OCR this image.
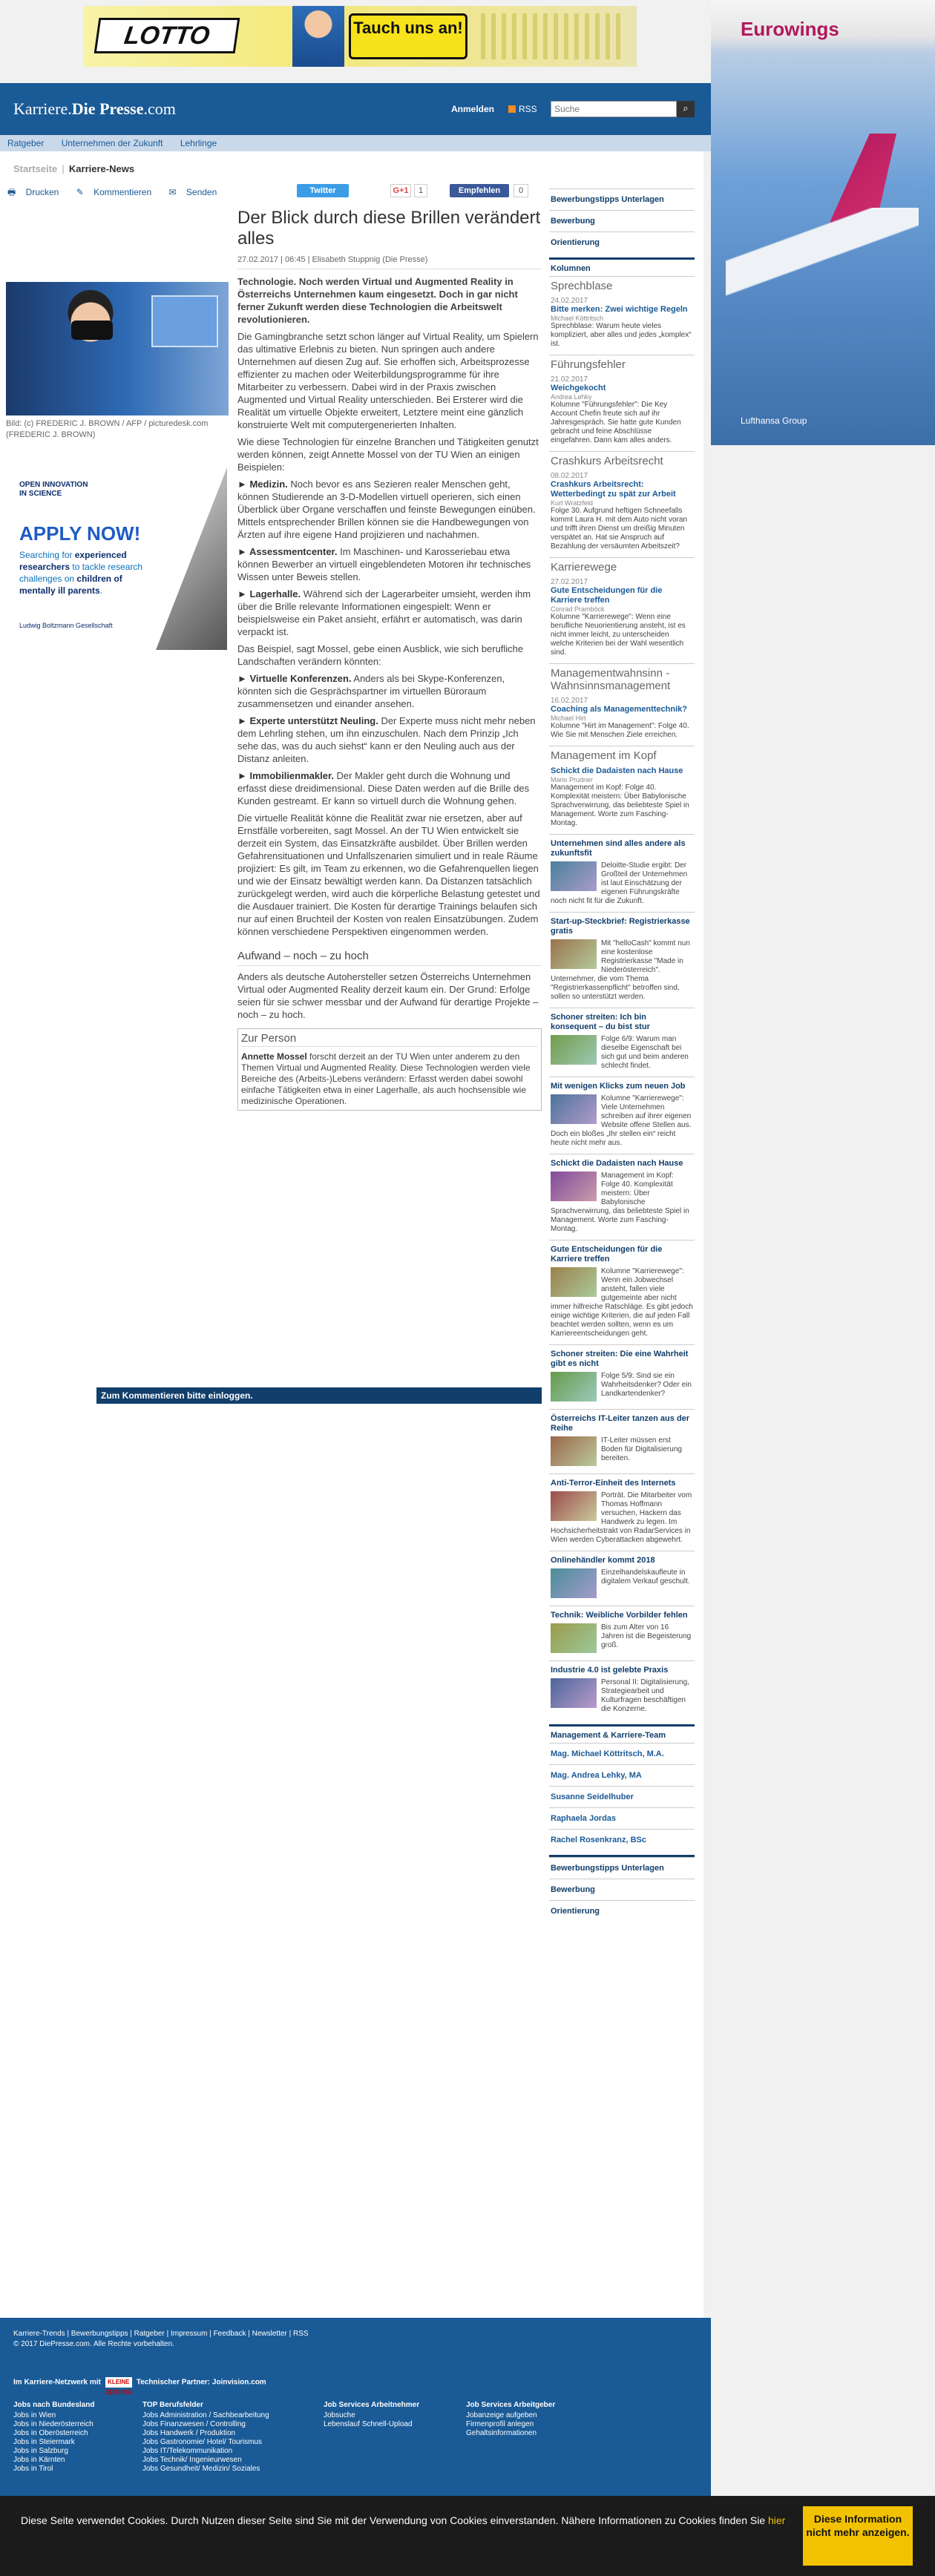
LOTTO	Tauch uns an!	Eurowings
Lufthansa Group
Karriere.Die Presse.com	Anmelden	RSS
Suche	⌕
Ratgeber Unternehmen der Zukunft Lehrlinge
Startseite | Karriere-News
🖶 Drucken ✎ Kommentieren ✉ Senden	Twitter	G+1	1	Empfehlen	0
Bild: (c) FREDERIC J. BROWN / AFP / picturedesk.com (FREDERIC J. BROWN)
OPEN INNOVATION
IN SCIENCE
APPLY NOW!
Searching for experienced researchers to tackle research challenges on children of mentally ill parents.
Ludwig Boltzmann Gesellschaft
Der Blick durch diese Brillen verändert alles
27.02.2017 | 06:45 | Elisabeth Stuppnig (Die Presse)
Technologie. Noch werden Virtual und Augmented Reality in Österreichs Unternehmen kaum eingesetzt. Doch in gar nicht ferner Zukunft werden diese Technologien die Arbeitswelt revolutionieren.

Die Gamingbranche setzt schon länger auf Virtual Reality, um Spielern das ultimative Erlebnis zu bieten. Nun springen auch andere Unternehmen auf diesen Zug auf. Sie erhoffen sich, Arbeitsprozesse effizienter zu machen oder Weiterbildungsprogramme für ihre Mitarbeiter zu verbessern. Dabei wird in der Praxis zwischen Augmented und Virtual Reality unterschieden. Bei Ersterer wird die Realität um virtuelle Objekte erweitert, Letztere meint eine gänzlich konstruierte Welt mit computergenerierten Inhalten.

Wie diese Technologien für einzelne Branchen und Tätigkeiten genutzt werden können, zeigt Annette Mossel von der TU Wien an einigen Beispielen:

► Medizin. Noch bevor es ans Sezieren realer Menschen geht, können Studierende an 3-D-Modellen virtuell operieren, sich einen Überblick über Organe verschaffen und feinste Bewegungen einüben. Mittels entsprechender Brillen können sie die Handbewegungen von Ärzten auf ihre eigene Hand projizieren und nachahmen.

► Assessmentcenter. Im Maschinen- und Karosseriebau etwa können Bewerber an virtuell eingeblendeten Motoren ihr technisches Wissen unter Beweis stellen.

► Lagerhalle. Während sich der Lagerarbeiter umsieht, werden ihm über die Brille relevante Informationen eingespielt: Wenn er beispielsweise ein Paket ansieht, erfährt er automatisch, was darin verpackt ist.

Das Beispiel, sagt Mossel, gebe einen Ausblick, wie sich berufliche Landschaften verändern könnten:

► Virtuelle Konferenzen. Anders als bei Skype-Konferenzen, könnten sich die Gesprächspartner im virtuellen Büroraum zusammensetzen und einander ansehen.

► Experte unterstützt Neuling. Der Experte muss nicht mehr neben dem Lehrling stehen, um ihn einzuschulen. Nach dem Prinzip „Ich sehe das, was du auch siehst“ kann er den Neuling auch aus der Distanz anleiten.

► Immobilienmakler. Der Makler geht durch die Wohnung und erfasst diese dreidimensional. Diese Daten werden auf die Brille des Kunden gestreamt. Er kann so virtuell durch die Wohnung gehen.

Die virtuelle Realität könne die Realität zwar nie ersetzen, aber auf Ernstfälle vorbereiten, sagt Mossel. An der TU Wien entwickelt sie derzeit ein System, das Einsatzkräfte ausbildet. Über Brillen werden Gefahrensituationen und Unfallszenarien simuliert und in reale Räume projiziert: Es gilt, im Team zu erkennen, wo die Gefahrenquellen liegen und wie der Einsatz bewältigt werden kann. Da Distanzen tatsächlich zurückgelegt werden, wird auch die körperliche Belastung getestet und die Ausdauer trainiert. Die Kosten für derartige Trainings belaufen sich nur auf einen Bruchteil der Kosten von realen Einsatzübungen. Zudem können verschiedene Perspektiven eingenommen werden.

Aufwand – noch – zu hoch

Anders als deutsche Autohersteller setzen Österreichs Unternehmen Virtual oder Augmented Reality derzeit kaum ein. Der Grund: Erfolge seien für sie schwer messbar und der Aufwand für derartige Projekte – noch – zu hoch.

Zur Person

Annette Mossel forscht derzeit an der TU Wien unter anderem zu den Themen Virtual und Augmented Reality. Diese Technologien werden viele Bereiche des (Arbeits-)Lebens verändern: Erfasst werden dabei sowohl einfache Tätigkeiten etwa in einer Lagerhalle, als auch hochsensible wie medizinische Operationen.

Zum Kommentieren bitte einloggen.
Bewerbungstipps Unterlagen
Bewerbung
Orientierung
Kolumnen
Sprechblase
24.02.2017
Bitte merken: Zwei wichtige Regeln
Michael Köttritsch
Sprechblase: Warum heute vieles kompliziert, aber alles und jedes „komplex“ ist.
Führungsfehler
21.02.2017
Weichgekocht
Andrea Lehky
Kolumne "Führungsfehler": Die Key Account Chefin freute sich auf ihr Jahresgespräch. Sie hatte gute Kunden gebracht und feine Abschlüsse eingefahren. Dann kam alles anders.
Crashkurs Arbeitsrecht
08.02.2017
Crashkurs Arbeitsrecht: Wetterbedingt zu spät zur Arbeit
Kurt Wratzfeld
Folge 30. Aufgrund heftigen Schneefalls kommt Laura H. mit dem Auto nicht voran und trifft ihren Dienst um dreißig Minuten verspätet an. Hat sie Anspruch auf Bezahlung der versäumten Arbeitszeit?
Karrierewege
27.02.2017
Gute Entscheidungen für die Karriere treffen
Conrad Pramböck
Kolumne "Karrierewege": Wenn eine berufliche Neuorientierung ansteht, ist es nicht immer leicht, zu unterscheiden welche Kriterien bei der Wahl wesentlich sind.
Managementwahnsinn - Wahnsinnsmanagement
16.02.2017
Coaching als Managementtechnik?
Michael Hirt
Kolumne "Hirt im Management": Folge 40. Wie Sie mit Menschen Ziele erreichen.
Management im Kopf
Schickt die Dadaisten nach Hause
Mario Prudner
Management im Kopf: Folge 40. Komplexität meistern: Über Babylonische Sprachverwirrung, das beliebteste Spiel in Management. Worte zum Fasching-Montag.
Unternehmen sind alles andere als zukunftsfit
Deloitte-Studie ergibt: Der Großteil der Unternehmen ist laut Einschätzung der eigenen Führungskräfte noch nicht fit für die Zukunft.
Start-up-Steckbrief: Registrierkasse gratis
Mit "helloCash" kommt nun eine kostenlose Registrierkasse "Made in Niederösterreich". Unternehmer, die vom Thema "Registrierkassenpflicht" betroffen sind, sollen so unterstützt werden.
Schoner streiten: Ich bin konsequent – du bist stur
Folge 6/9: Warum man dieselbe Eigenschaft bei sich gut und beim anderen schlecht findet.
Mit wenigen Klicks zum neuen Job
Kolumne "Karrierewege": Viele Unternehmen schreiben auf ihrer eigenen Website offene Stellen aus. Doch ein bloßes „Ihr stellen ein“ reicht heute nicht mehr aus.
Schickt die Dadaisten nach Hause
Management im Kopf: Folge 40. Komplexität meistern: Über Babylonische Sprachverwirrung, das beliebteste Spiel in Management. Worte zum Fasching-Montag.
Gute Entscheidungen für die Karriere treffen
Kolumne "Karrierewege": Wenn ein Jobwechsel ansteht, fallen viele gutgemeinte aber nicht immer hilfreiche Ratschläge. Es gibt jedoch einige wichtige Kriterien, die auf jeden Fall beachtet werden sollten, wenn es um Karriereentscheidungen geht.
Schoner streiten: Die eine Wahrheit gibt es nicht
Folge 5/9: Sind sie ein Wahrheitsdenker? Oder ein Landkartendenker?
Österreichs IT-Leiter tanzen aus der Reihe
IT-Leiter müssen erst Boden für Digitalisierung bereiten.
Anti-Terror-Einheit des Internets
Porträt. Die Mitarbeiter vom Thomas Hoffmann versuchen, Hackern das Handwerk zu legen. Im Hochsicherheitstrakt von RadarServices in Wien werden Cyberattacken abgewehrt.
Onlinehändler kommt 2018
Einzelhandelskaufleute in digitalem Verkauf geschult.
Technik: Weibliche Vorbilder fehlen
Bis zum Alter von 16 Jahren ist die Begeisterung groß.
Industrie 4.0 ist gelebte Praxis
Personal II: Digitalisierung, Strategiearbeit und Kulturfragen beschäftigen die Konzerne.
Management & Karriere-Team
Mag. Michael Köttritsch, M.A.
Mag. Andrea Lehky, MA
Susanne Seidelhuber
Raphaela Jordas
Rachel Rosenkranz, BSc
Bewerbungstipps Unterlagen
Bewerbung
Orientierung
Karriere-Trends | Bewerbungstipps | Ratgeber | Impressum | Feedback | Newsletter | RSS
© 2017 DiePresse.com. Alle Rechte vorbehalten.
Im Karriere-Netzwerk mit KLEINE ZEITUNGTechnischer Partner: Joinvision.com
Jobs nach Bundesland
Jobs in Wien
Jobs in Niederösterreich
Jobs in Oberösterreich
Jobs in Steiermark
Jobs in Salzburg
Jobs in Kärnten
Jobs in Tirol
TOP Berufsfelder
Jobs Administration / Sachbearbeitung
Jobs Finanzwesen / Controlling
Jobs Handwerk / Produktion
Jobs Gastronomie/ Hotel/ Tourismus
Jobs IT/Telekommunikation
Jobs Technik/ Ingenieurwesen
Jobs Gesundheit/ Medizin/ Soziales
Job Services Arbeitnehmer
Jobsuche
Lebenslauf Schnell-Upload
Job Services Arbeitgeber
Jobanzeige aufgeben
Firmenprofil anlegen
Gehaltsinformationen
Diese Seite verwendet Cookies. Durch Nutzen dieser Seite sind Sie mit der Verwendung von Cookies einverstanden. Nähere Informationen zu Cookies finden Sie hier	Diese Information nicht mehr anzeigen.
